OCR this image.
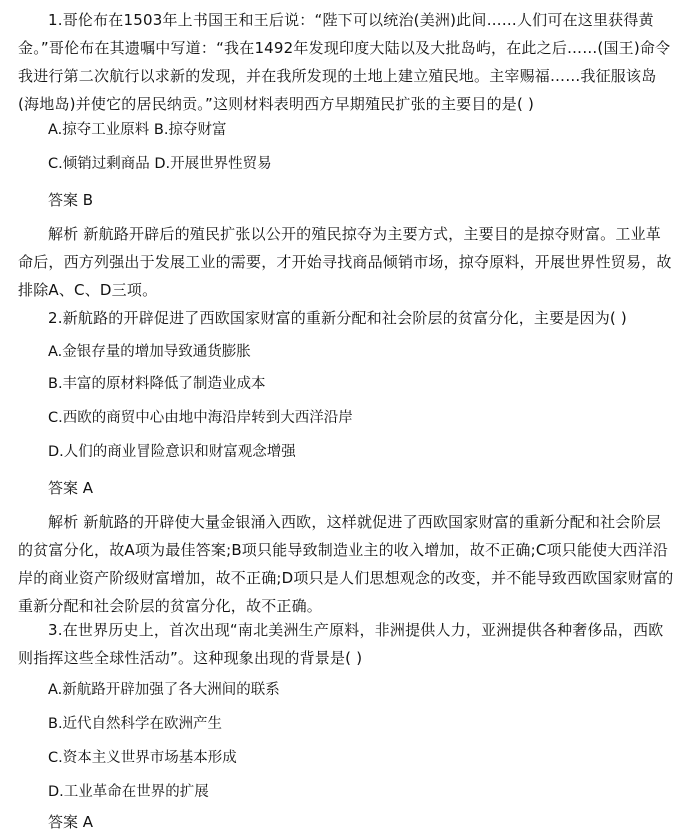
1.哥伦布在1503年上书国王和王后说：“陛下可以统治(美洲)此间……人们可在这里获得黄金。”哥伦布在其遗嘱中写道：“我在1492年发现印度大陆以及大批岛屿，在此之后……(国王)命令我进行第二次航行以求新的发现，并在我所发现的土地上建立殖民地。主宰赐福……我征服该岛(海地岛)并使它的居民纳贡。”这则材料表明西方早期殖民扩张的主要目的是( )

A.掠夺工业原料 B.掠夺财富
C.倾销过剩商品 D.开展世界性贸易
答案 B

解析 新航路开辟后的殖民扩张以公开的殖民掠夺为主要方式，主要目的是掠夺财富。工业革命后，西方列强出于发展工业的需要，才开始寻找商品倾销市场，掠夺原料，开展世界性贸易，故排除A、C、D三项。

2.新航路的开辟促进了西欧国家财富的重新分配和社会阶层的贫富分化，主要是因为( )

A.金银存量的增加导致通货膨胀
B.丰富的原材料降低了制造业成本
C.西欧的商贸中心由地中海沿岸转到大西洋沿岸
D.人们的商业冒险意识和财富观念增强
答案 A

解析 新航路的开辟使大量金银涌入西欧，这样就促进了西欧国家财富的重新分配和社会阶层的贫富分化，故A项为最佳答案;B项只能导致制造业主的收入增加，故不正确;C项只能使大西洋沿岸的商业资产阶级财富增加，故不正确;D项只是人们思想观念的改变，并不能导致西欧国家财富的重新分配和社会阶层的贫富分化，故不正确。

3.在世界历史上，首次出现“南北美洲生产原料，非洲提供人力，亚洲提供各种奢侈品，西欧则指挥这些全球性活动”。这种现象出现的背景是( )

A.新航路开辟加强了各大洲间的联系
B.近代自然科学在欧洲产生
C.资本主义世界市场基本形成
D.工业革命在世界的扩展
答案 A
